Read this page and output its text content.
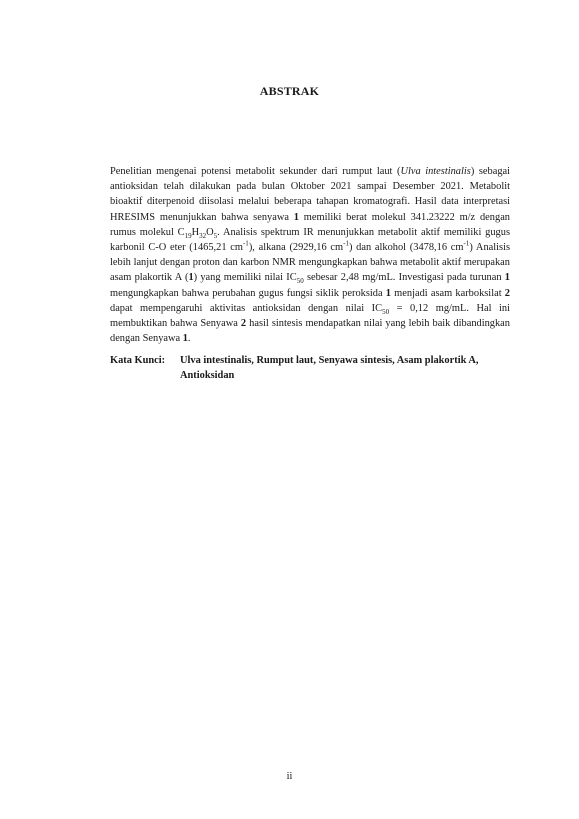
ABSTRAK

Penelitian mengenai potensi metabolit sekunder dari rumput laut (Ulva intestinalis) sebagai antioksidan telah dilakukan pada bulan Oktober 2021 sampai Desember 2021. Metabolit bioaktif diterpenoid diisolasi melalui beberapa tahapan kromatografi. Hasil data interpretasi HRESIMS menunjukkan bahwa senyawa 1 memiliki berat molekul 341.23222 m/z dengan rumus molekul $C_{19}H_{32}O_5$. Analisis spektrum IR menunjukkan metabolit aktif memiliki gugus karbonil C-O eter (1465,21 $cm^{-1}$), alkana (2929,16 $cm^{-1}$) dan alkohol (3478,16 $cm^{-1}$) Analisis lebih lanjut dengan proton dan karbon NMR mengungkapkan bahwa metabolit aktif merupakan asam plakortik A (1) yang memiliki nilai $IC_{50}$ sebesar 2,48 mg/mL. Investigasi pada turunan 1 mengungkapkan bahwa perubahan gugus fungsi siklik peroksida 1 menjadi asam karboksilat 2 dapat mempengaruhi aktivitas antioksidan dengan nilai $IC_{50} = 0,12$ mg/mL. Hal ini membuktikan bahwa Senyawa 2 hasil sintesis mendapatkan nilai yang lebih baik dibandingkan dengan Senyawa 1.

Kata Kunci:	Ulva intestinalis, Rumput laut, Senyawa sintesis, Asam plakortik A, Antioksidan
ii
